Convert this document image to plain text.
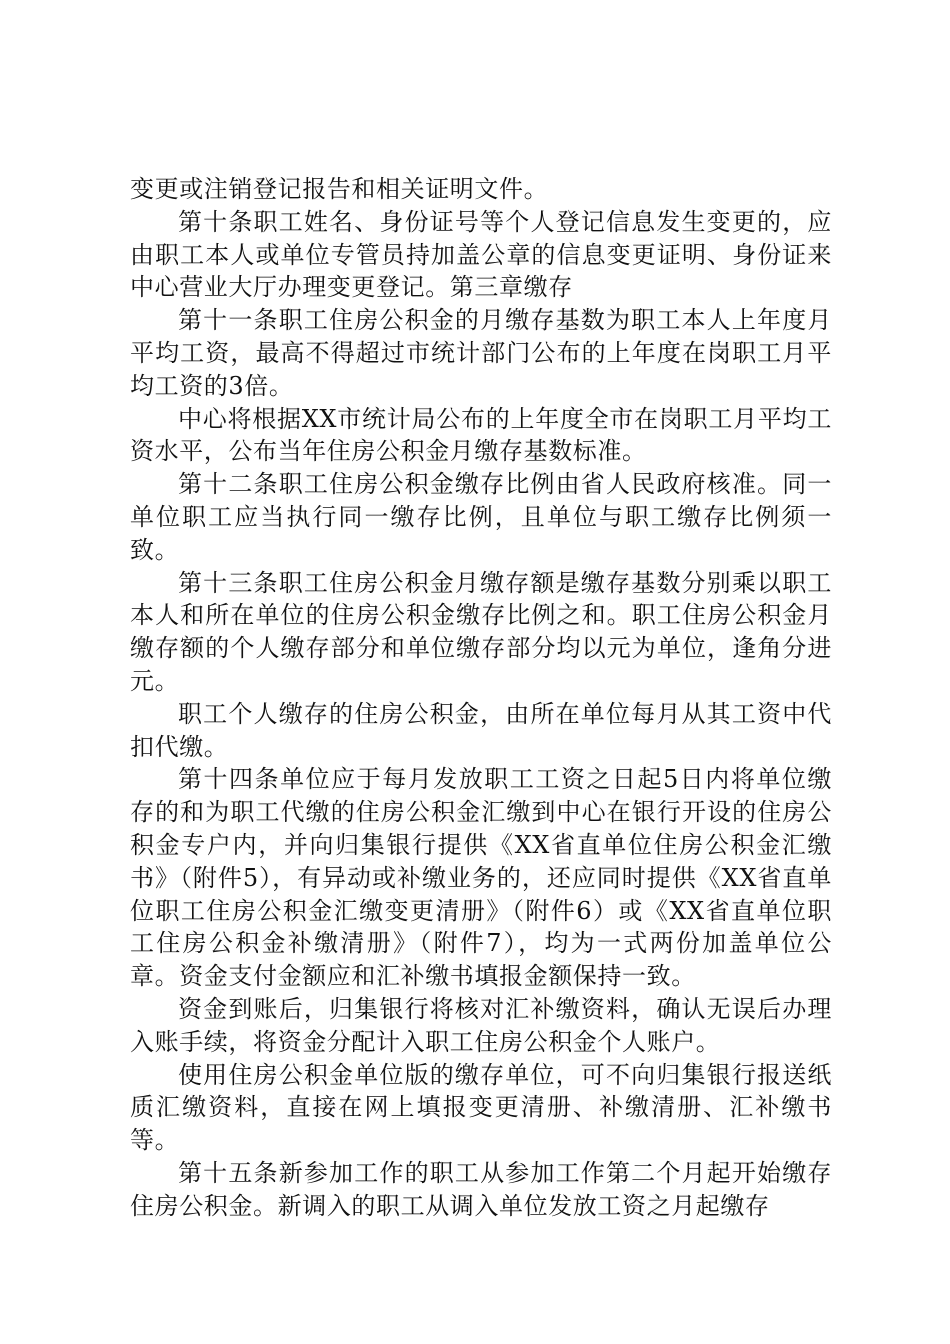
变更或注销登记报告和相关证明文件。

第十条职工姓名、身份证号等个人登记信息发生变更的，应由职工本人或单位专管员持加盖公章的信息变更证明、身份证来中心营业大厅办理变更登记。第三章缴存

第十一条职工住房公积金的月缴存基数为职工本人上年度月平均工资，最高不得超过市统计部门公布的上年度在岗职工月平均工资的3倍。

中心将根据XX市统计局公布的上年度全市在岗职工月平均工资水平，公布当年住房公积金月缴存基数标准。

第十二条职工住房公积金缴存比例由省人民政府核准。同一单位职工应当执行同一缴存比例，且单位与职工缴存比例须一致。

第十三条职工住房公积金月缴存额是缴存基数分别乘以职工本人和所在单位的住房公积金缴存比例之和。职工住房公积金月缴存额的个人缴存部分和单位缴存部分均以元为单位，逢角分进元。

职工个人缴存的住房公积金，由所在单位每月从其工资中代扣代缴。

第十四条单位应于每月发放职工工资之日起5日内将单位缴存的和为职工代缴的住房公积金汇缴到中心在银行开设的住房公积金专户内，并向归集银行提供《XX省直单位住房公积金汇缴书》（附件5），有异动或补缴业务的，还应同时提供《XX省直单位职工住房公积金汇缴变更清册》（附件6）或《XX省直单位职工住房公积金补缴清册》（附件7），均为一式两份加盖单位公章。资金支付金额应和汇补缴书填报金额保持一致。

资金到账后，归集银行将核对汇补缴资料，确认无误后办理入账手续，将资金分配计入职工住房公积金个人账户。

使用住房公积金单位版的缴存单位，可不向归集银行报送纸质汇缴资料，直接在网上填报变更清册、补缴清册、汇补缴书等。

第十五条新参加工作的职工从参加工作第二个月起开始缴存住房公积金。新调入的职工从调入单位发放工资之月起缴存
